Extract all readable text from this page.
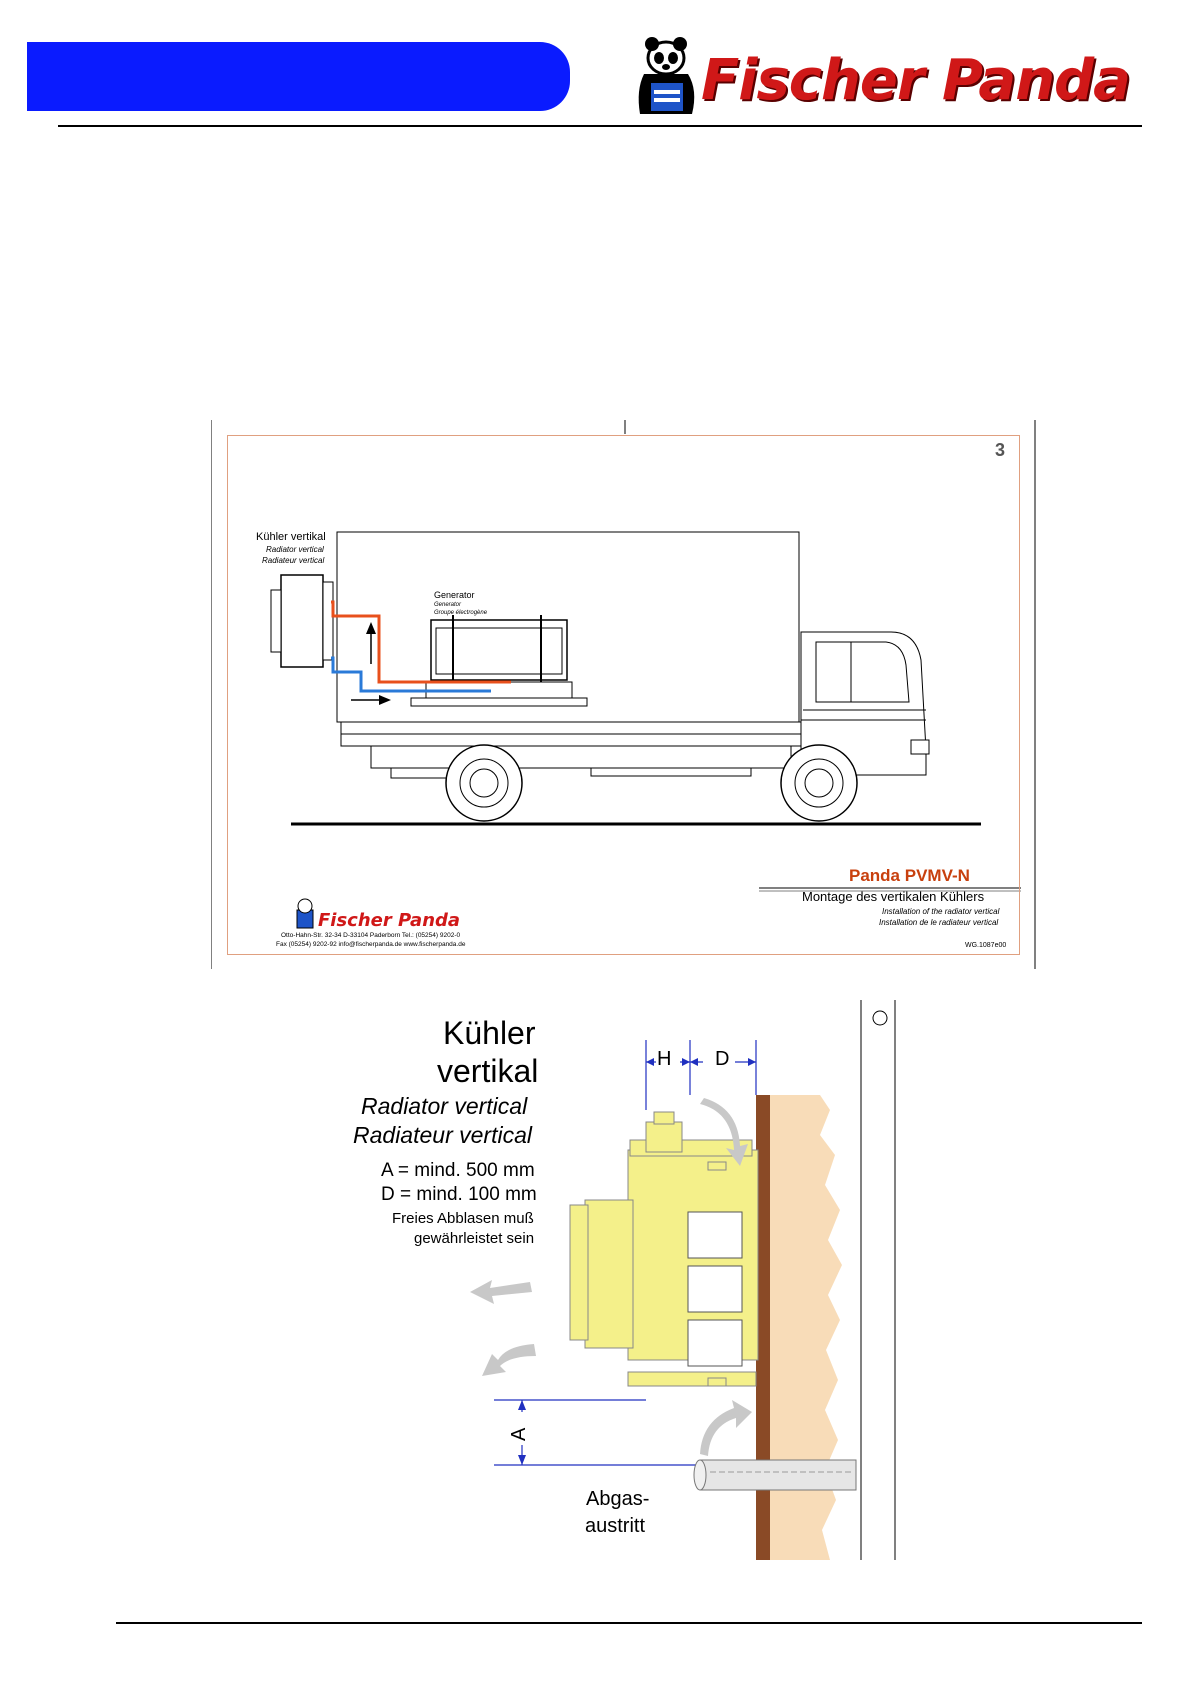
Fischer Panda
3
Kühler vertikal
Radiator vertical
Radiateur vertical
Generator
Generator
Groupe électrogène
Panda PVMV-N
Montage des vertikalen Kühlers
Installation of the radiator vertical
Installation de le radiateur vertical
WG.1087e00
Fischer Panda
Otto-Hahn-Str. 32-34 D-33104 Paderborn Tel.: (05254) 9202-0
Fax (05254) 9202-92 info@fischerpanda.de www.fischerpanda.de
Kühler
vertikal
Radiator vertical
Radiateur vertical
A = mind. 500 mm
D = mind. 100 mm
Freies Abblasen muß
gewährleistet sein
H D
A
Abgas-
austritt
